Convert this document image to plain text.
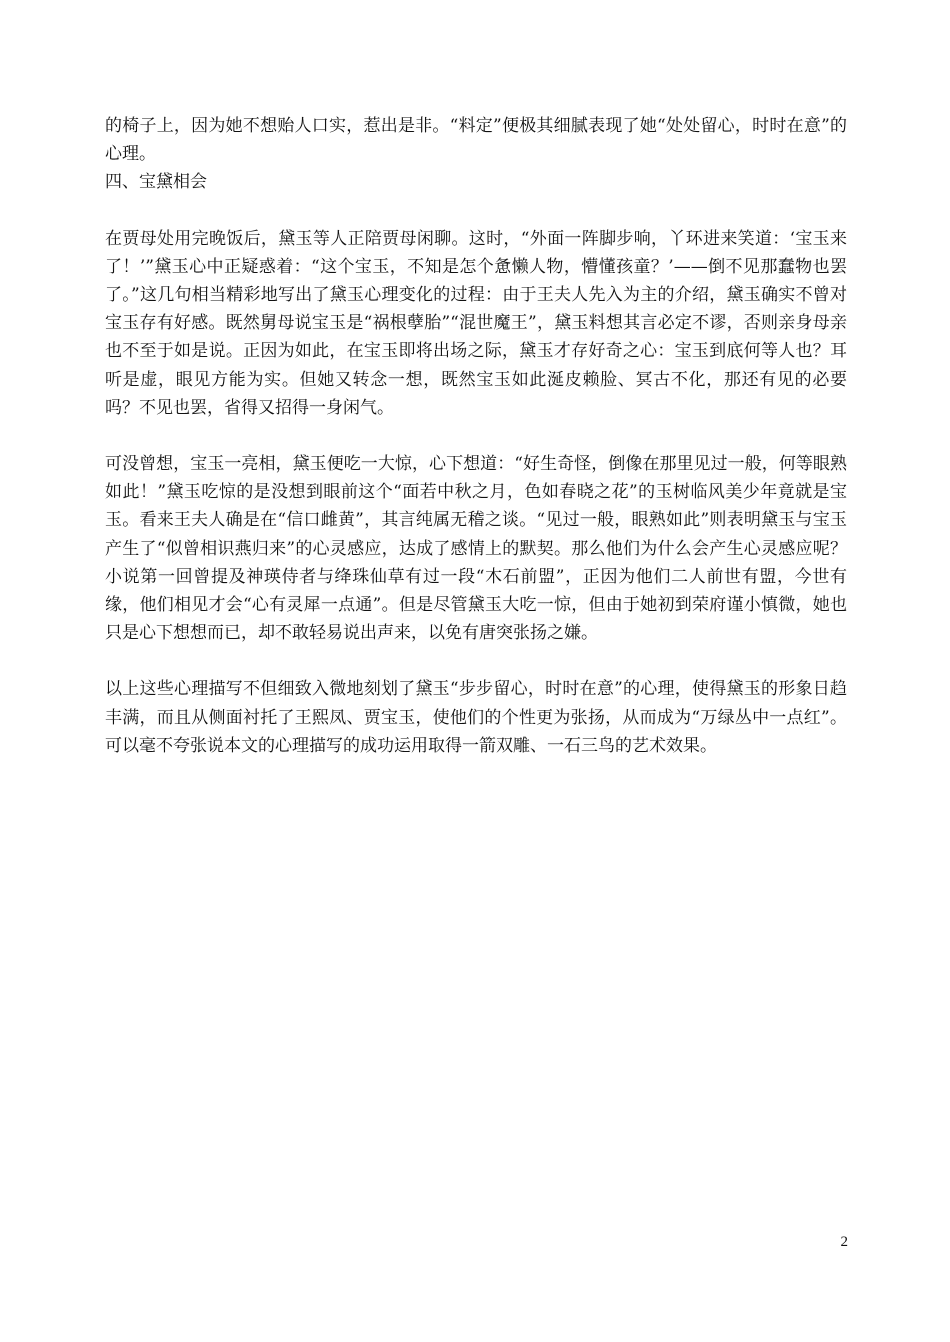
的椅子上，因为她不想贻人口实，惹出是非。“料定”便极其细腻表现了她“处处留心，时时在意”的心理。

四、宝黛相会

在贾母处用完晚饭后，黛玉等人正陪贾母闲聊。这时，“外面一阵脚步响，丫环进来笑道：‘宝玉来了！’”黛玉心中正疑惑着：“这个宝玉，不知是怎个惫懒人物，懵懂孩童？’——倒不见那蠢物也罢了。”这几句相当精彩地写出了黛玉心理变化的过程：由于王夫人先入为主的介绍，黛玉确实不曾对宝玉存有好感。既然舅母说宝玉是“祸根孽胎”“混世魔王”，黛玉料想其言必定不谬，否则亲身母亲也不至于如是说。正因为如此，在宝玉即将出场之际，黛玉才存好奇之心：宝玉到底何等人也？耳听是虚，眼见方能为实。但她又转念一想，既然宝玉如此涎皮赖脸、冥古不化，那还有见的必要吗？不见也罢，省得又招得一身闲气。

可没曾想，宝玉一亮相，黛玉便吃一大惊，心下想道：“好生奇怪，倒像在那里见过一般，何等眼熟如此！”黛玉吃惊的是没想到眼前这个“面若中秋之月，色如春晓之花”的玉树临风美少年竟就是宝玉。看来王夫人确是在“信口雌黄”，其言纯属无稽之谈。“见过一般，眼熟如此”则表明黛玉与宝玉产生了“似曾相识燕归来”的心灵感应，达成了感情上的默契。那么他们为什么会产生心灵感应呢？小说第一回曾提及神瑛侍者与绛珠仙草有过一段“木石前盟”，正因为他们二人前世有盟，今世有缘，他们相见才会“心有灵犀一点通”。但是尽管黛玉大吃一惊，但由于她初到荣府谨小慎微，她也只是心下想想而已，却不敢轻易说出声来，以免有唐突张扬之嫌。

以上这些心理描写不但细致入微地刻划了黛玉“步步留心，时时在意”的心理，使得黛玉的形象日趋丰满，而且从侧面衬托了王熙凤、贾宝玉，使他们的个性更为张扬，从而成为“万绿丛中一点红”。可以毫不夸张说本文的心理描写的成功运用取得一箭双雕、一石三鸟的艺术效果。

2
